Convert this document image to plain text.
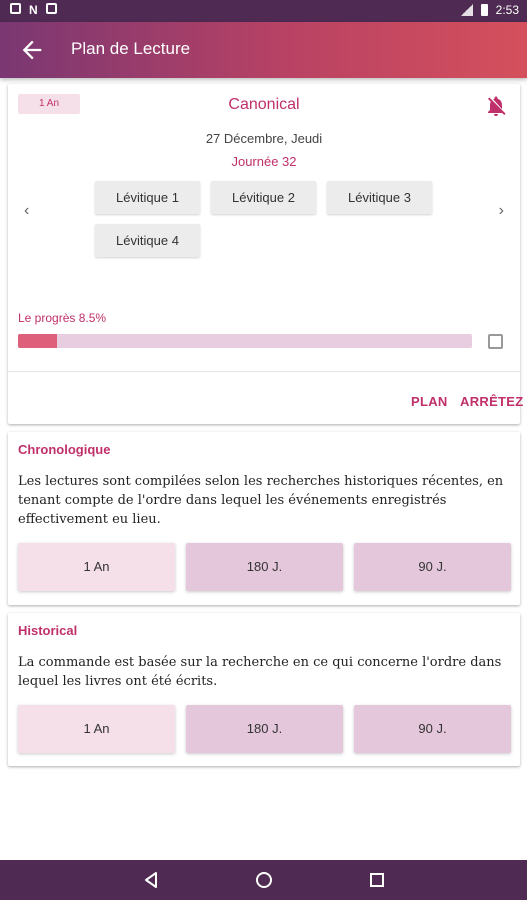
N	2:53
Plan de Lecture
1 An	Canonical
27 Décembre, Jeudi
Journée 32
‹	›
Lévitique 1	Lévitique 2	Lévitique 3
Lévitique 4
Le progrès 8.5%
PLAN ARRÊTEZ
Chronologique
Les lectures sont compilées selon les recherches historiques récentes, en tenant compte de l'ordre dans lequel les événements enregistrés effectivement eu lieu.
1 An	180 J.	90 J.
Historical
La commande est basée sur la recherche en ce qui concerne l'ordre dans lequel les livres ont été écrits.
1 An	180 J.	90 J.
